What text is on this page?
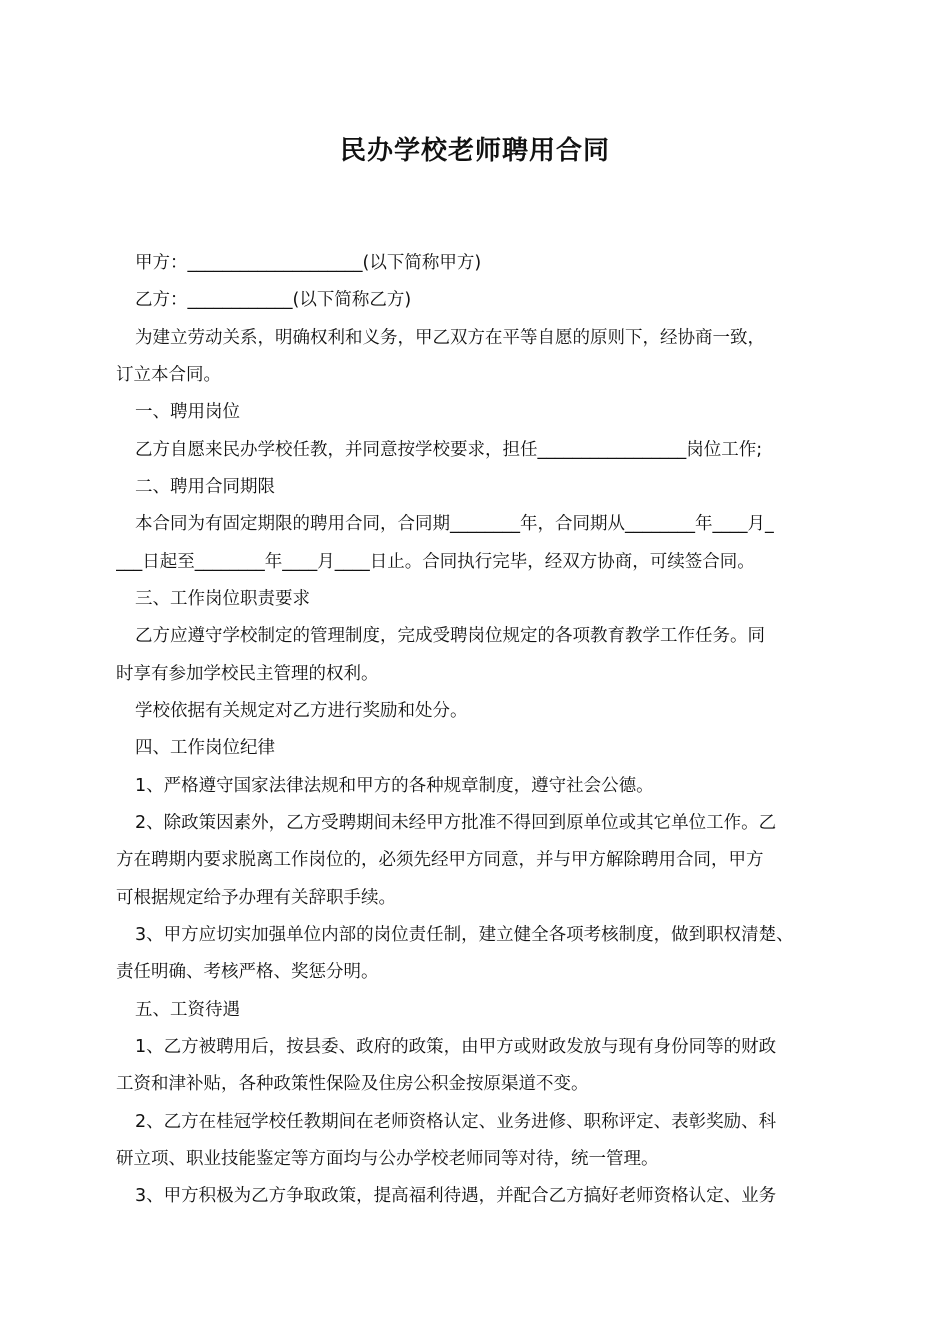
民办学校老师聘用合同
甲方：____________________(以下简称甲方)
乙方：____________(以下简称乙方)
为建立劳动关系，明确权利和义务，甲乙双方在平等自愿的原则下，经协商一致，
订立本合同。
一、聘用岗位
乙方自愿来民办学校任教，并同意按学校要求，担任_________________岗位工作;
二、聘用合同期限
本合同为有固定期限的聘用合同，合同期________年，合同期从________年____月_
___日起至________年____月____日止。合同执行完毕，经双方协商，可续签合同。
三、工作岗位职责要求
乙方应遵守学校制定的管理制度，完成受聘岗位规定的各项教育教学工作任务。同
时享有参加学校民主管理的权利。
学校依据有关规定对乙方进行奖励和处分。
四、工作岗位纪律
1、严格遵守国家法律法规和甲方的各种规章制度，遵守社会公德。
2、除政策因素外，乙方受聘期间未经甲方批准不得回到原单位或其它单位工作。乙
方在聘期内要求脱离工作岗位的，必须先经甲方同意，并与甲方解除聘用合同，甲方
可根据规定给予办理有关辞职手续。
3、甲方应切实加强单位内部的岗位责任制，建立健全各项考核制度，做到职权清楚、
责任明确、考核严格、奖惩分明。
五、工资待遇
1、乙方被聘用后，按县委、政府的政策，由甲方或财政发放与现有身份同等的财政
工资和津补贴，各种政策性保险及住房公积金按原渠道不变。
2、乙方在桂冠学校任教期间在老师资格认定、业务进修、职称评定、表彰奖励、科
研立项、职业技能鉴定等方面均与公办学校老师同等对待，统一管理。
3、甲方积极为乙方争取政策，提高福利待遇，并配合乙方搞好老师资格认定、业务
